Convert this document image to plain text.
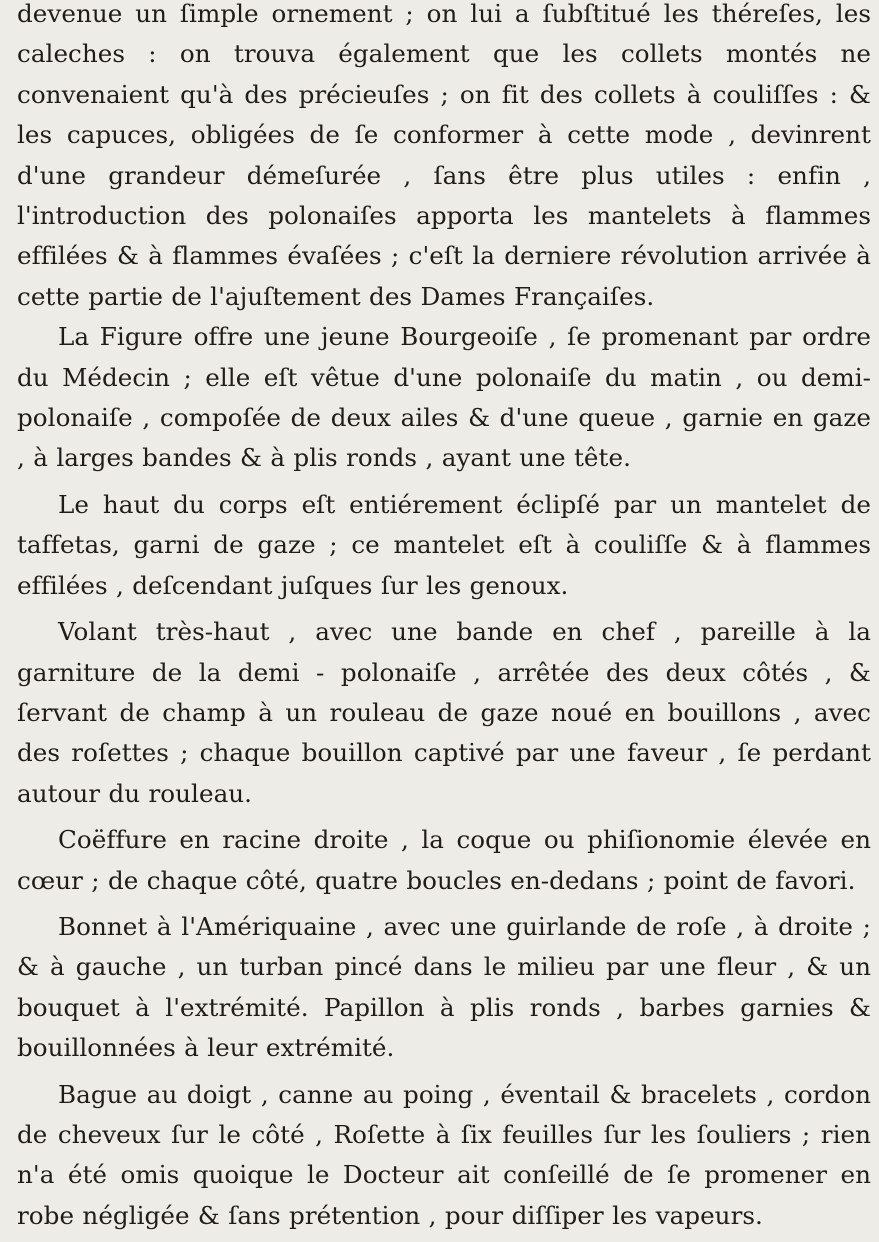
devenue un ſimple ornement ; on lui a ſubſtitué les théreſes, les caleches : on trouva également que les collets montés ne convenaient qu'à des précieuſes ; on fit des collets à couliſſes : & les capuces, obligées de ſe conformer à cette mode , devinrent d'une grandeur démeſurée , ſans être plus utiles : enfin , l'introduction des polonaiſes apporta les mantelets à flammes effilées & à flammes évaſées ; c'eſt la derniere révolution arrivée à cette partie de l'ajuſtement des Dames Françaiſes.

La Figure offre une jeune Bourgeoiſe , ſe promenant par ordre du Médecin ; elle eſt vêtue d'une polonaiſe du matin , ou demi-polonaiſe , compoſée de deux ailes & d'une queue , garnie en gaze , à larges bandes & à plis ronds , ayant une tête.

Le haut du corps eſt entiérement éclipſé par un mantelet de taffetas, garni de gaze ; ce mantelet eſt à couliſſe & à flammes effilées , deſcendant juſques ſur les genoux.

Volant très-haut , avec une bande en chef , pareille à la garniture de la demi - polonaiſe , arrêtée des deux côtés , & ſervant de champ à un rouleau de gaze noué en bouillons , avec des roſettes ; chaque bouillon captivé par une faveur , ſe perdant autour du rouleau.

Coëffure en racine droite , la coque ou phiſionomie élevée en cœur ; de chaque côté, quatre boucles en-dedans ; point de favori.

Bonnet à l'Amériquaine , avec une guirlande de roſe , à droite ; & à gauche , un turban pincé dans le milieu par une fleur , & un bouquet à l'extrémité. Papillon à plis ronds , barbes garnies & bouillonnées à leur extrémité.

Bague au doigt , canne au poing , éventail & bracelets , cordon de cheveux ſur le côté , Roſette à ſix feuilles ſur les ſouliers ; rien n'a été omis quoique le Docteur ait conſeillé de ſe promener en robe négligée & ſans prétention , pour diſſiper les vapeurs.
